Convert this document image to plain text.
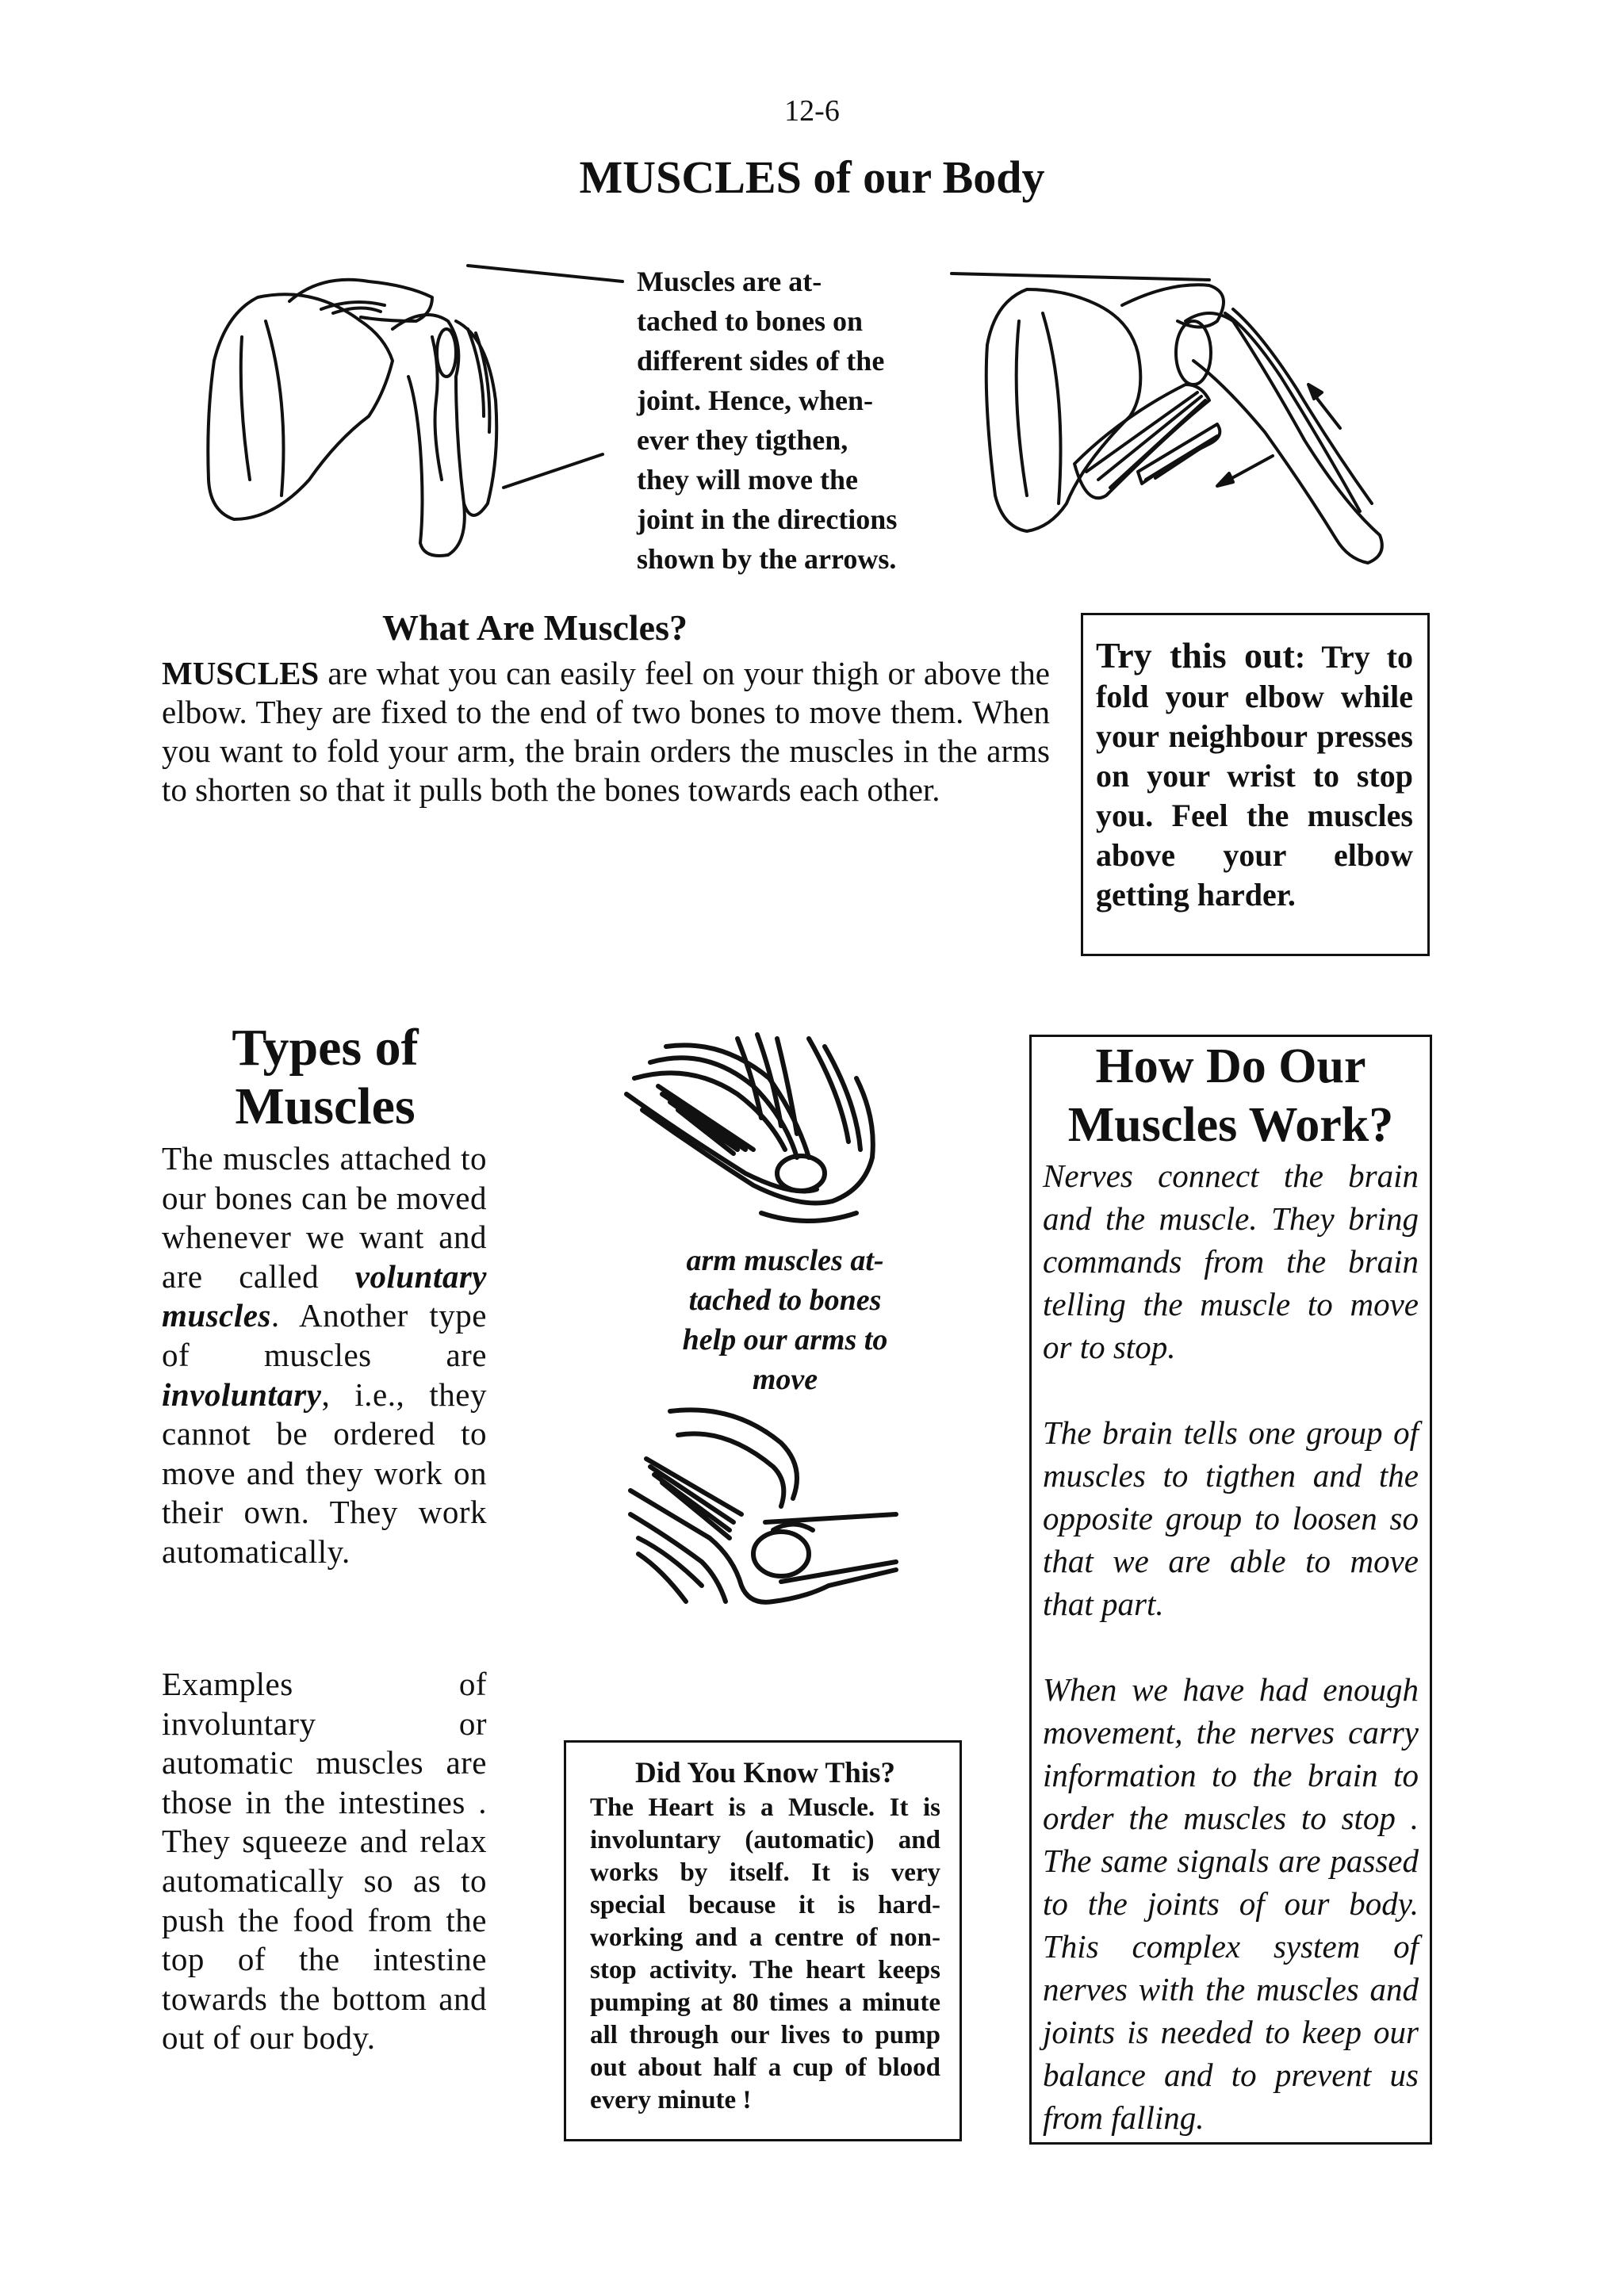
12-6
MUSCLES of our Body
Muscles are at-
tached to bones on
different sides of the
joint. Hence, when-
ever they tigthen,
they will move the
joint in the directions
shown by the arrows.
What Are Muscles?
MUSCLES are what you can easily feel on your thigh or above the elbow. They are fixed to the end of two bones to move them. When you want to fold your arm, the brain orders the muscles in the arms to shorten so that it pulls both the bones towards each other.
Try this out: Try to fold your elbow while your neighbour presses on your wrist to stop you. Feel the muscles above your elbow getting harder.
Types of
Muscles
The muscles attached to our bones can be moved whenever we want and are called voluntary muscles. Another type of muscles are involuntary, i.e., they cannot be ordered to move and they work on their own. They work automatically.
Examples of involuntary or automatic muscles are those in the intestines . They squeeze and relax automatically so as to push the food from the top of the intestine towards the bottom and out of our body.
arm muscles at-
tached to bones
help our arms to
move
Did You Know This?
The Heart is a Muscle. It is involuntary (automatic) and works by itself. It is very special because it is hard-working and a centre of non-stop activity. The heart keeps pumping at 80 times a minute all through our lives to pump out about half a cup of blood every minute !
How Do Our
Muscles Work?

Nerves connect the brain and the muscle. They bring commands from the brain telling the muscle to move or to stop.

The brain tells one group of muscles to tigthen and the opposite group to loosen so that we are able to move that part.

When we have had enough movement, the nerves carry information to the brain to order the muscles to stop . The same signals are passed to the joints of our body. This complex system of nerves with the muscles and joints is needed to keep our balance and to prevent us from falling.
